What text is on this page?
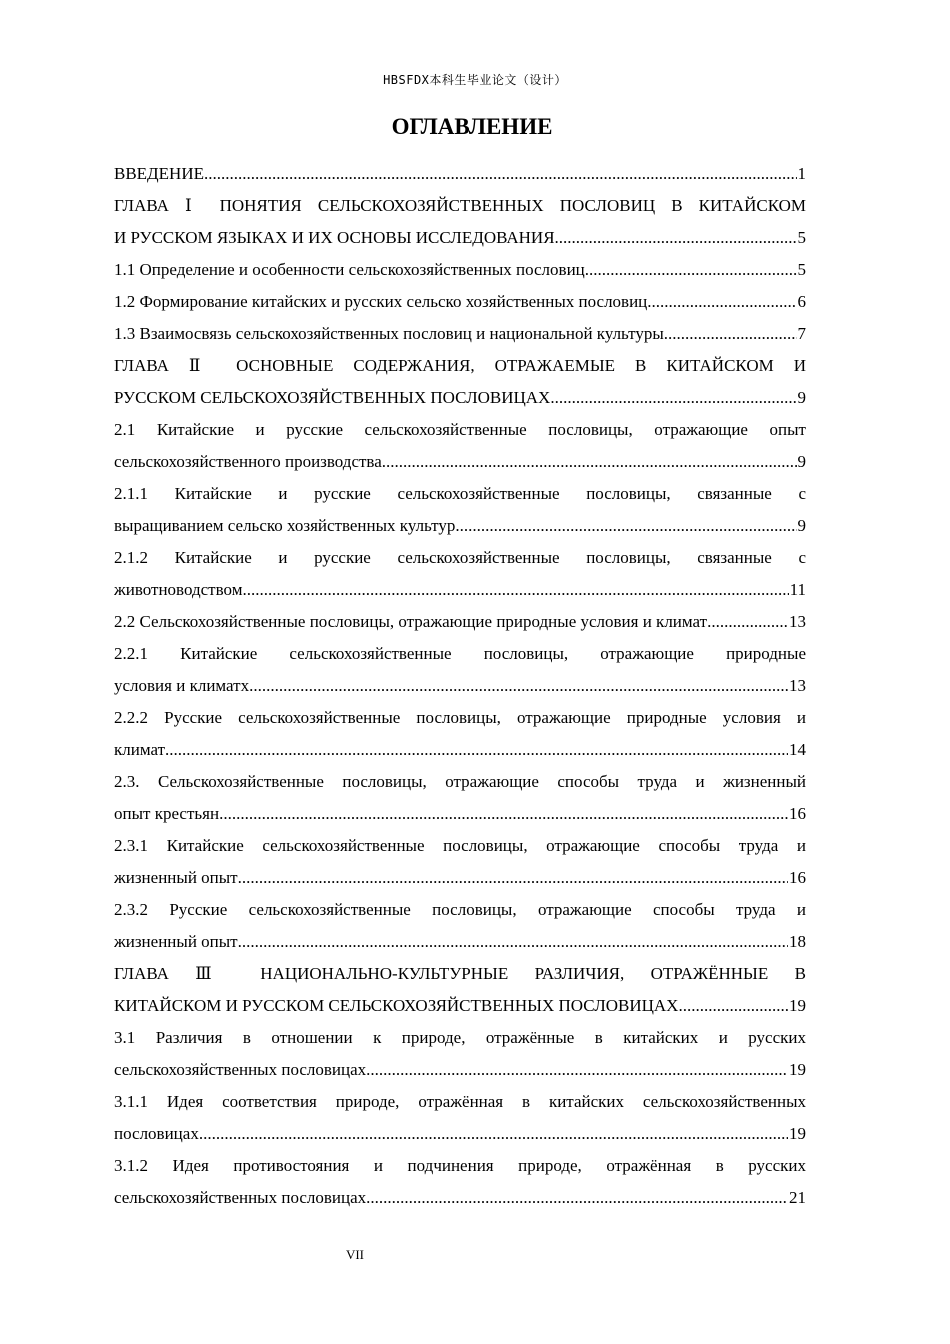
HBSFDX本科生毕业论文（设计）
ОГЛАВЛЕНИЕ
ВВЕДЕНИЕ .....	1
ГЛАВА Ⅰ ПОНЯТИЯ СЕЛЬСКОХОЗЯЙСТВЕННЫХ ПОСЛОВИЦ В КИТАЙСКОМ
И РУССКОМ ЯЗЫКАХ И ИХ ОСНОВЫ ИССЛЕДОВАНИЯ .....	5
1.1 Определение и особенности сельскохозяйственных пословиц .....	5
1.2 Формирование китайских и русских сельско хозяйственных пословиц .....	6
1.3 Взаимосвязь сельскохозяйственных пословиц и национальной культуры .....	7
ГЛАВА Ⅱ ОСНОВНЫЕ СОДЕРЖАНИЯ, ОТРАЖАЕМЫЕ В КИТАЙСКОМ И
РУССКОМ СЕЛЬСКОХОЗЯЙСТВЕННЫХ ПОСЛОВИЦАХ .....	9
2.1 Китайские и русские сельскохозяйственные пословицы, отражающие опыт
сельскохозяйственного производства .....	9
2.1.1 Китайские и русские сельскохозяйственные пословицы, связанные с
выращиванием сельско хозяйственных культур .....	9
2.1.2 Китайские и русские сельскохозяйственные пословицы, связанные с
животноводством .....	11
2.2 Сельскохозяйственные пословицы, отражающие природные условия и климат .....	13
2.2.1 Китайские сельскохозяйственные пословицы, отражающие природные
условия и климатх .....	13
2.2.2 Русские сельскохозяйственные пословицы, отражающие природные условия и
климат .....	14
2.3. Сельскохозяйственные пословицы, отражающие способы труда и жизненный
опыт крестьян .....	16
2.3.1 Китайские сельскохозяйственные пословицы, отражающие способы труда и
жизненный опыт .....	16
2.3.2 Русские сельскохозяйственные пословицы, отражающие способы труда и
жизненный опыт .....	18
ГЛАВА Ⅲ НАЦИОНАЛЬНО-КУЛЬТУРНЫЕ РАЗЛИЧИЯ, ОТРАЖЁННЫЕ В
КИТАЙСКОМ И РУССКОМ СЕЛЬСКОХОЗЯЙСТВЕННЫХ ПОСЛОВИЦАХ .....	19
3.1 Различия в отношении к природе, отражённые в китайских и русских
сельскохозяйственных пословицах .....	19
3.1.1 Идея соответствия природе, отражённая в китайских сельскохозяйственных
пословицах .....	19
3.1.2 Идея противостояния и подчинения природе, отражённая в русских
сельскохозяйственных пословицах .....	21
VII
